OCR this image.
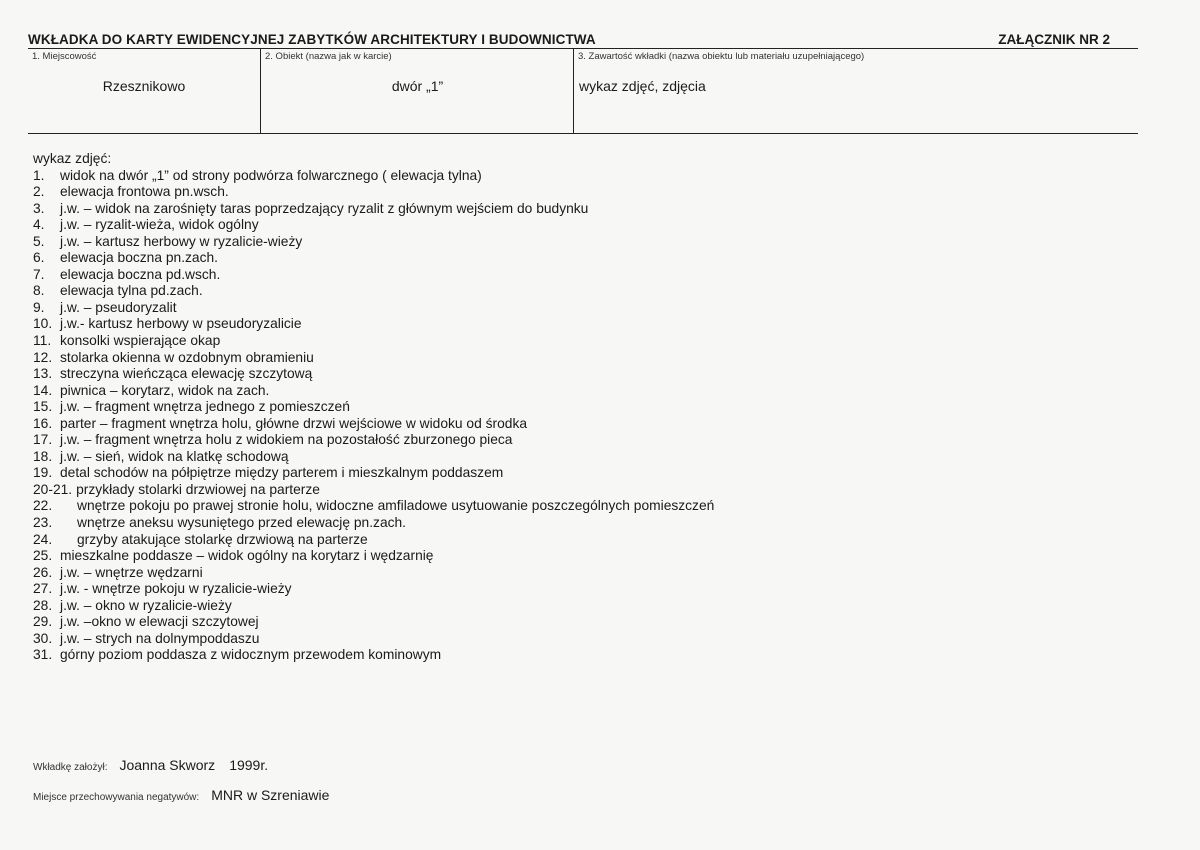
WKŁADKA DO KARTY EWIDENCYJNEJ ZABYTKÓW ARCHITEKTURY I BUDOWNICTWA	ZAŁĄCZNIK NR 2
1. Miejscowość
Rzesznikowo
2. Obiekt (nazwa jak w karcie)
dwór „1”
3. Zawartość wkładki (nazwa obiektu lub materiału uzupełniającego)
wykaz zdjęć, zdjęcia

wykaz zdjęć:

1.	widok na dwór „1” od strony podwórza folwarcznego ( elewacja tylna)
2.	elewacja frontowa pn.wsch.
3.	j.w. – widok na zarośnięty taras poprzedzający ryzalit z głównym wejściem do budynku
4.	j.w. – ryzalit-wieża, widok ogólny
5.	j.w. – kartusz herbowy w ryzalicie-wieży
6.	elewacja boczna pn.zach.
7.	elewacja boczna pd.wsch.
8.	elewacja tylna pd.zach.
9.	j.w. – pseudoryzalit
10. j.w.- kartusz herbowy w pseudoryzalicie
11. konsolki wspierające okap
12. stolarka okienna w ozdobnym obramieniu
13. streczyna wieńcząca elewację szczytową
14. piwnica – korytarz, widok na zach.
15. j.w. – fragment wnętrza jednego z pomieszczeń
16. parter – fragment wnętrza holu, główne drzwi wejściowe w widoku od środka
17. j.w. – fragment wnętrza holu z widokiem na pozostałość zburzonego pieca
18. j.w. – sień, widok na klatkę schodową
19. detal schodów na półpiętrze między parterem i mieszkalnym poddaszem
20-21. przykłady stolarki drzwiowej na parterze
22.	wnętrze pokoju po prawej stronie holu, widoczne amfiladowe usytuowanie poszczególnych pomieszczeń
23.	wnętrze aneksu wysuniętego przed elewację pn.zach.
24.	grzyby atakujące stolarkę drzwiową na parterze
25. mieszkalne poddasze – widok ogólny na korytarz i wędzarnię
26. j.w. – wnętrze wędzarni
27. j.w. - wnętrze pokoju w ryzalicie-wieży
28. j.w. – okno w ryzalicie-wieży
29. j.w. –okno w elewacji szczytowej
30. j.w. – strych na dolnympoddaszu
31. górny poziom poddasza z widocznym przewodem kominowym
Wkładkę założył: Joanna Skworz 1999r.
Miejsce przechowywania negatywów: MNR w Szreniawie
